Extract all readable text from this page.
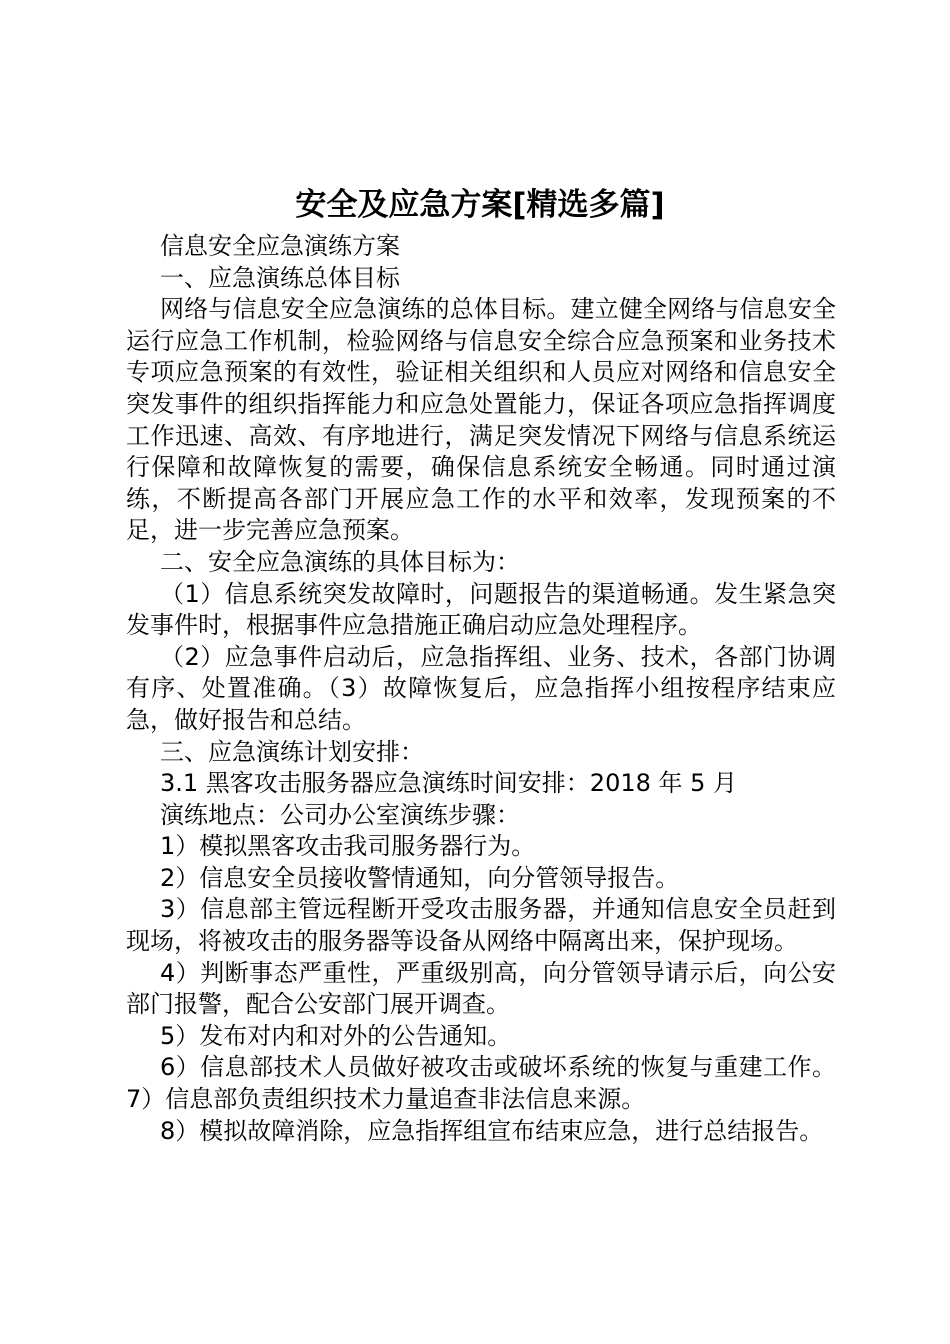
安全及应急方案[精选多篇]

信息安全应急演练方案

一、应急演练总体目标

网络与信息安全应急演练的总体目标。建立健全网络与信息安全运行应急工作机制，检验网络与信息安全综合应急预案和业务技术专项应急预案的有效性，验证相关组织和人员应对网络和信息安全突发事件的组织指挥能力和应急处置能力，保证各项应急指挥调度工作迅速、高效、有序地进行，满足突发情况下网络与信息系统运行保障和故障恢复的需要，确保信息系统安全畅通。同时通过演练，不断提高各部门开展应急工作的水平和效率，发现预案的不足，进一步完善应急预案。

二、安全应急演练的具体目标为：

（1）信息系统突发故障时，问题报告的渠道畅通。发生紧急突发事件时，根据事件应急措施正确启动应急处理程序。

（2）应急事件启动后，应急指挥组、业务、技术，各部门协调有序、处置准确。（3）故障恢复后，应急指挥小组按程序结束应急，做好报告和总结。

三、应急演练计划安排：

3.1 黑客攻击服务器应急演练时间安排：2018 年 5 月

演练地点：公司办公室演练步骤：

1）模拟黑客攻击我司服务器行为。

2）信息安全员接收警情通知，向分管领导报告。

3）信息部主管远程断开受攻击服务器，并通知信息安全员赶到现场，将被攻击的服务器等设备从网络中隔离出来，保护现场。

4）判断事态严重性，严重级别高，向分管领导请示后，向公安部门报警，配合公安部门展开调查。

5）发布对内和对外的公告通知。

6）信息部技术人员做好被攻击或破坏系统的恢复与重建工作。7）信息部负责组织技术力量追查非法信息来源。

8）模拟故障消除，应急指挥组宣布结束应急，进行总结报告。
